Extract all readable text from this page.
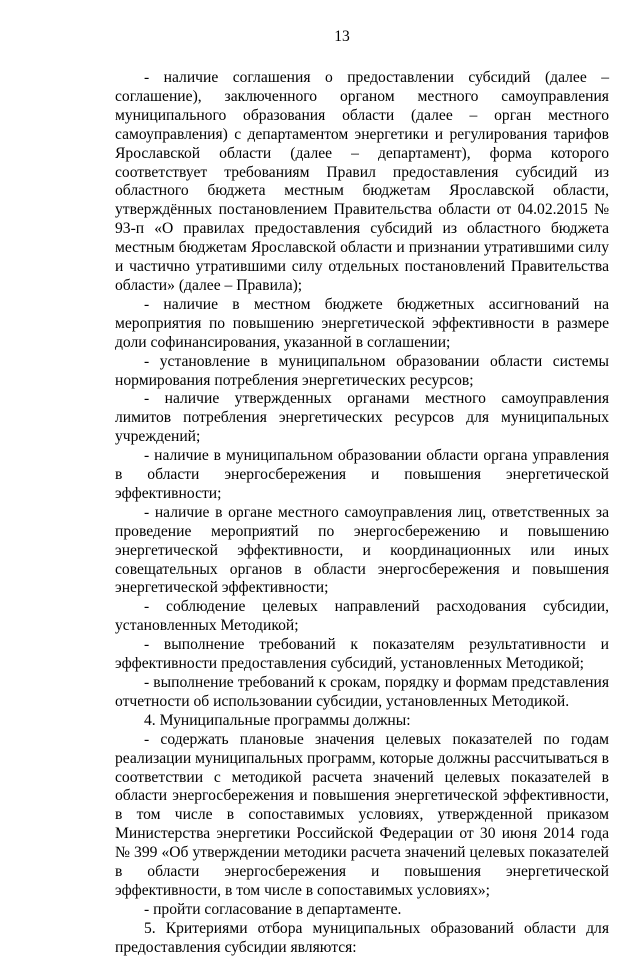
13

- наличие соглашения о предоставлении субсидий (далее – соглашение), заключенного органом местного самоуправления муниципального образования области (далее – орган местного самоуправления) с департаментом энергетики и регулирования тарифов Ярославской области (далее – департамент), форма которого соответствует требованиям Правил предоставления субсидий из областного бюджета местным бюджетам Ярославской области, утверждённых постановлением Правительства области от 04.02.2015 № 93-п «О правилах предоставления субсидий из областного бюджета местным бюджетам Ярославской области и признании утратившими силу и частично утратившими силу отдельных постановлений Правительства области» (далее – Правила);

- наличие в местном бюджете бюджетных ассигнований на мероприятия по повышению энергетической эффективности в размере доли софинансирования, указанной в соглашении;

- установление в муниципальном образовании области системы нормирования потребления энергетических ресурсов;

- наличие утвержденных органами местного самоуправления лимитов потребления энергетических ресурсов для муниципальных учреждений;

- наличие в муниципальном образовании области органа управления в области энергосбережения и повышения энергетической эффективности;

- наличие в органе местного самоуправления лиц, ответственных за проведение мероприятий по энергосбережению и повышению энергетической эффективности, и координационных или иных совещательных органов в области энергосбережения и повышения энергетической эффективности;

- соблюдение целевых направлений расходования субсидии, установленных Методикой;

- выполнение требований к показателям результативности и эффективности предоставления субсидий, установленных Методикой;

- выполнение требований к срокам, порядку и формам представления отчетности об использовании субсидии, установленных Методикой.

4. Муниципальные программы должны:

- содержать плановые значения целевых показателей по годам реализации муниципальных программ, которые должны рассчитываться в соответствии с методикой расчета значений целевых показателей в области энергосбережения и повышения энергетической эффективности, в том числе в сопоставимых условиях, утвержденной приказом Министерства энергетики Российской Федерации от 30 июня 2014 года № 399 «Об утверждении методики расчета значений целевых показателей в области энергосбережения и повышения энергетической эффективности, в том числе в сопоставимых условиях»;

- пройти согласование в департаменте.

5. Критериями отбора муниципальных образований области для предоставления субсидии являются:
